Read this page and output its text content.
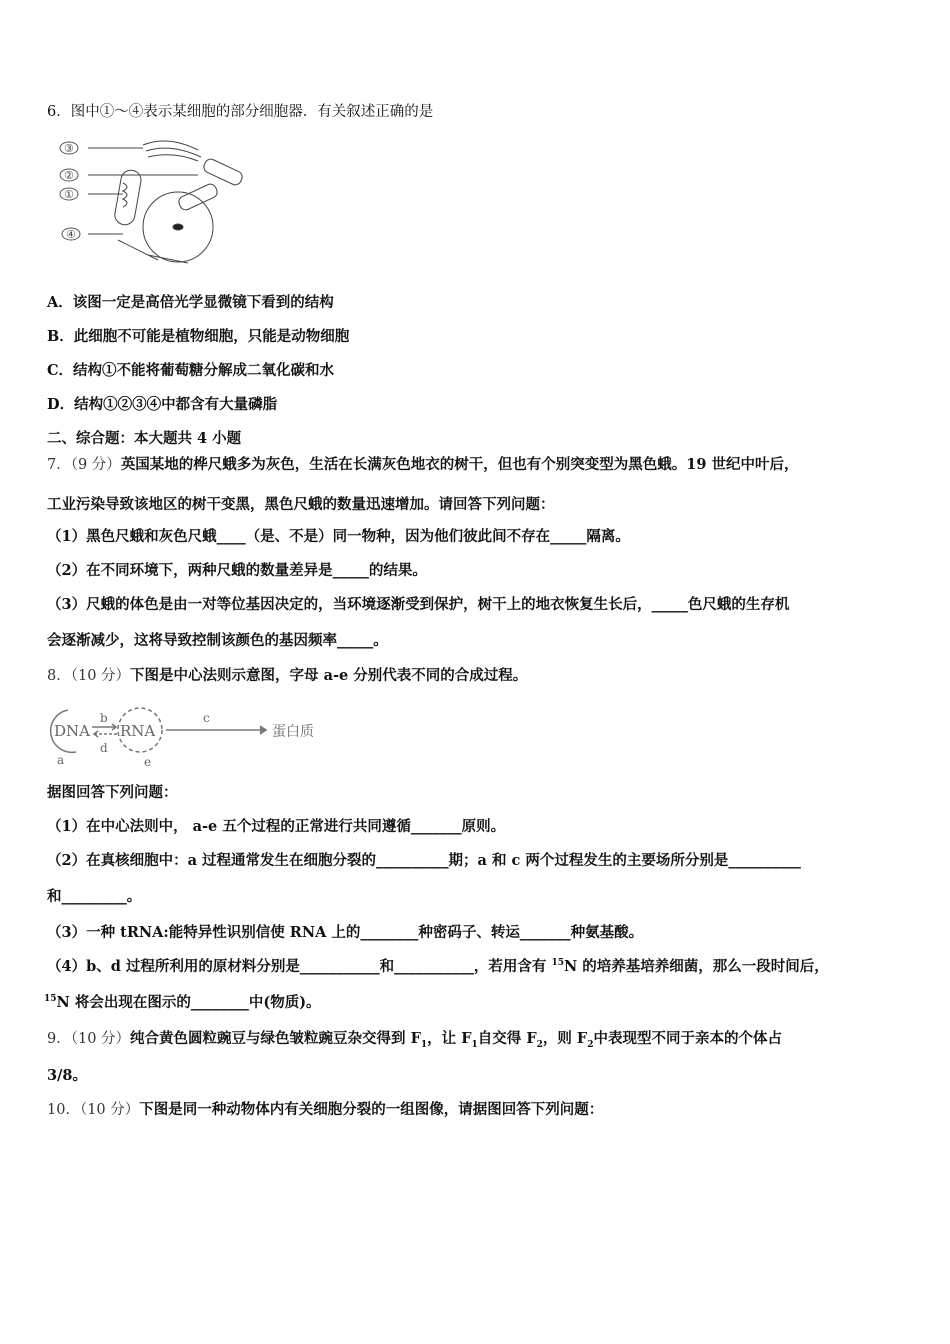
6．图中①～④表示某细胞的部分细胞器．有关叙述正确的是
③
②
①
④
A．该图一定是高倍光学显微镜下看到的结构
B．此细胞不可能是植物细胞，只能是动物细胞
C．结构①不能将葡萄糖分解成二氧化碳和水
D．结构①②③④中都含有大量磷脂
二、综合题：本大题共 4 小题
7．（9 分）英国某地的桦尺蛾多为灰色，生活在长满灰色地衣的树干，但也有个别突变型为黑色蛾。19 世纪中叶后，
工业污染导致该地区的树干变黑，黑色尺蛾的数量迅速增加。请回答下列问题：
（1）黑色尺蛾和灰色尺蛾____（是、不是）同一物种，因为他们彼此间不存在_____隔离。
（2）在不同环境下，两种尺蛾的数量差异是_____的结果。
（3）尺蛾的体色是由一对等位基因决定的，当环境逐渐受到保护，树干上的地衣恢复生长后，_____色尺蛾的生存机
会逐渐减少，这将导致控制该颜色的基因频率_____。
8．（10 分）下图是中心法则示意图，字母 a-e 分别代表不同的合成过程。
DNA RNA	蛋白质
a
b	c
d
e
据图回答下列问题：
（1）在中心法则中， a-e 五个过程的正常进行共同遵循_______原则。
（2）在真核细胞中：a 过程通常发生在细胞分裂的__________期；a 和 c 两个过程发生的主要场所分别是__________
和_________。
（3）一种 tRNA:能特异性识别信使 RNA 上的________种密码子、转运_______种氨基酸。
（4）b、d 过程所利用的原材料分别是___________和___________，若用含有 $^{15}$N 的培养基培养细菌，那么一段时间后，
$^{15}$N 将会出现在图示的________中(物质)。
9．（10 分）纯合黄色圆粒豌豆与绿色皱粒豌豆杂交得到 $F_1$，让 $F_1$自交得 $F_2$，则 $F_2$中表现型不同于亲本的个体占
3/8。
10．（10 分）下图是同一种动物体内有关细胞分裂的一组图像，请据图回答下列问题：
